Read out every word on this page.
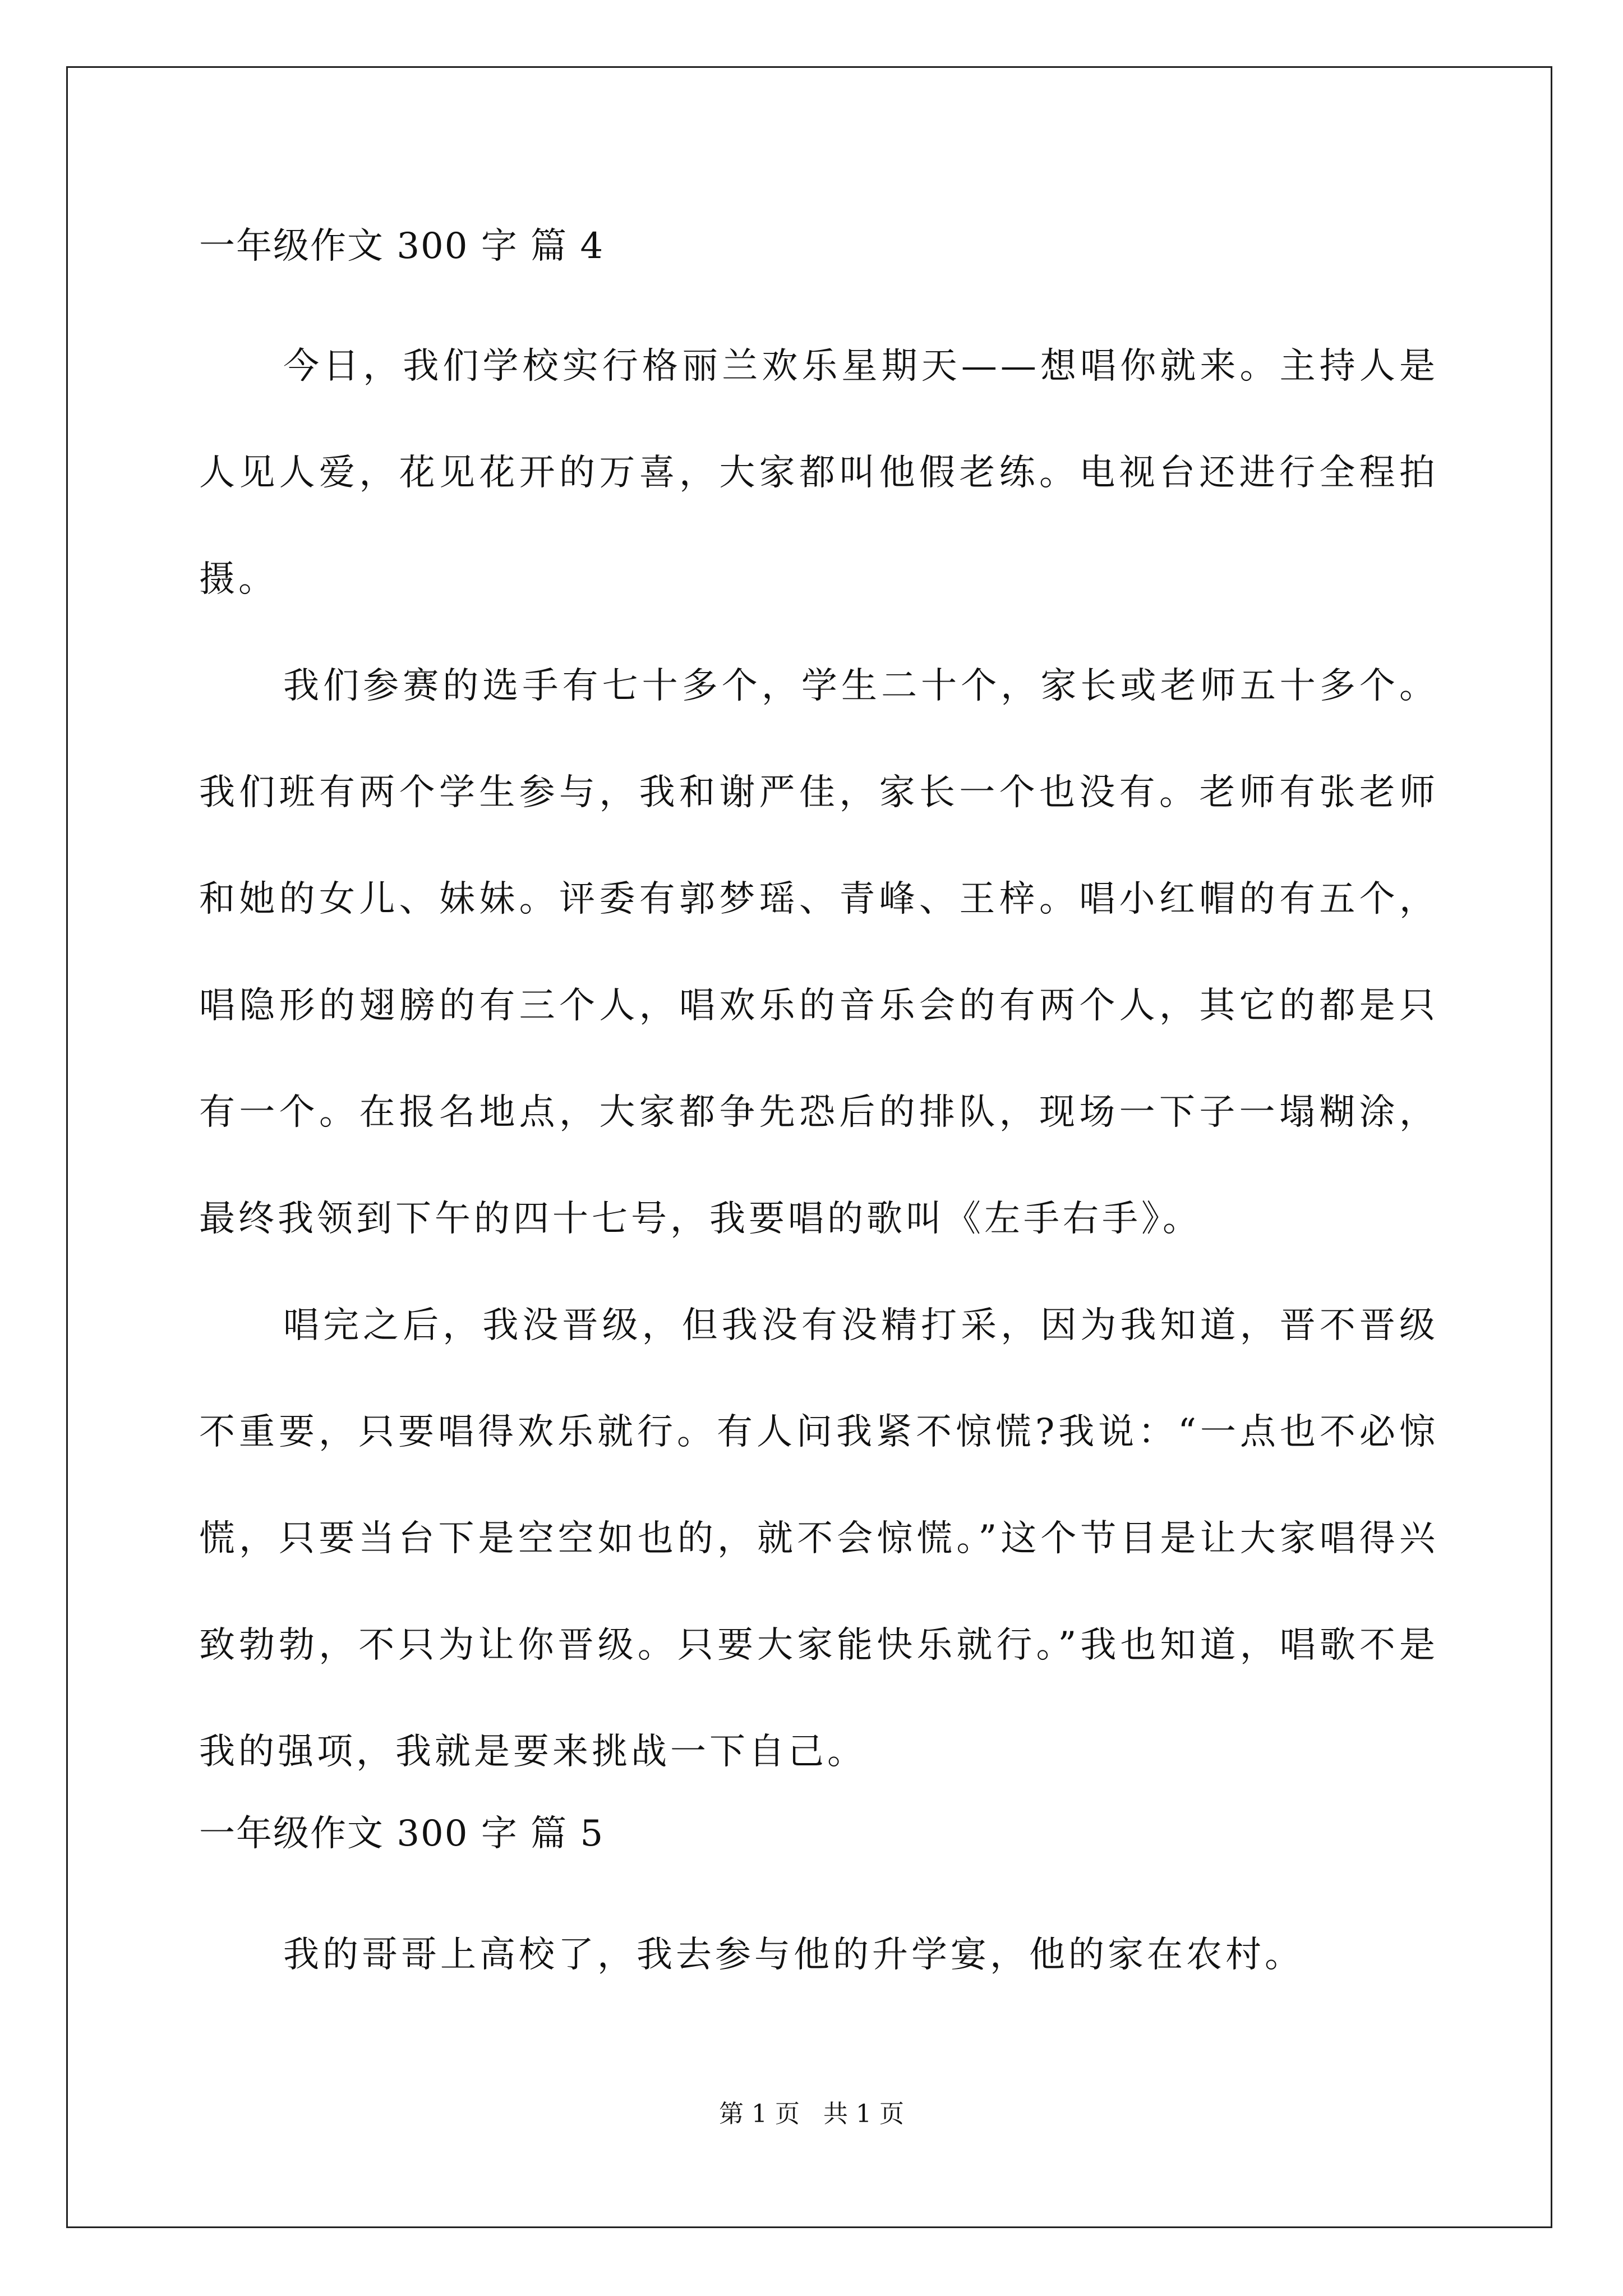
一年级作文 300 字 篇 4

今日，我们学校实行格丽兰欢乐星期天——想唱你就来。主持人是人见人爱，花见花开的万喜，大家都叫他假老练。电视台还进行全程拍摄。

我们参赛的选手有七十多个，学生二十个，家长或老师五十多个。我们班有两个学生参与，我和谢严佳，家长一个也没有。老师有张老师和她的女儿、妹妹。评委有郭梦瑶、青峰、王梓。唱小红帽的有五个，唱隐形的翅膀的有三个人，唱欢乐的音乐会的有两个人，其它的都是只有一个。在报名地点，大家都争先恐后的排队，现场一下子一塌糊涂，最终我领到下午的四十七号，我要唱的歌叫《左手右手》。

唱完之后，我没晋级，但我没有没精打采，因为我知道，晋不晋级不重要，只要唱得欢乐就行。有人问我紧不惊慌?我说：“一点也不必惊慌，只要当台下是空空如也的，就不会惊慌。”这个节目是让大家唱得兴致勃勃，不只为让你晋级。只要大家能快乐就行。”我也知道，唱歌不是我的强项，我就是要来挑战一下自己。

一年级作文 300 字 篇 5

我的哥哥上高校了，我去参与他的升学宴，他的家在农村。

第 1 页   共 1 页
